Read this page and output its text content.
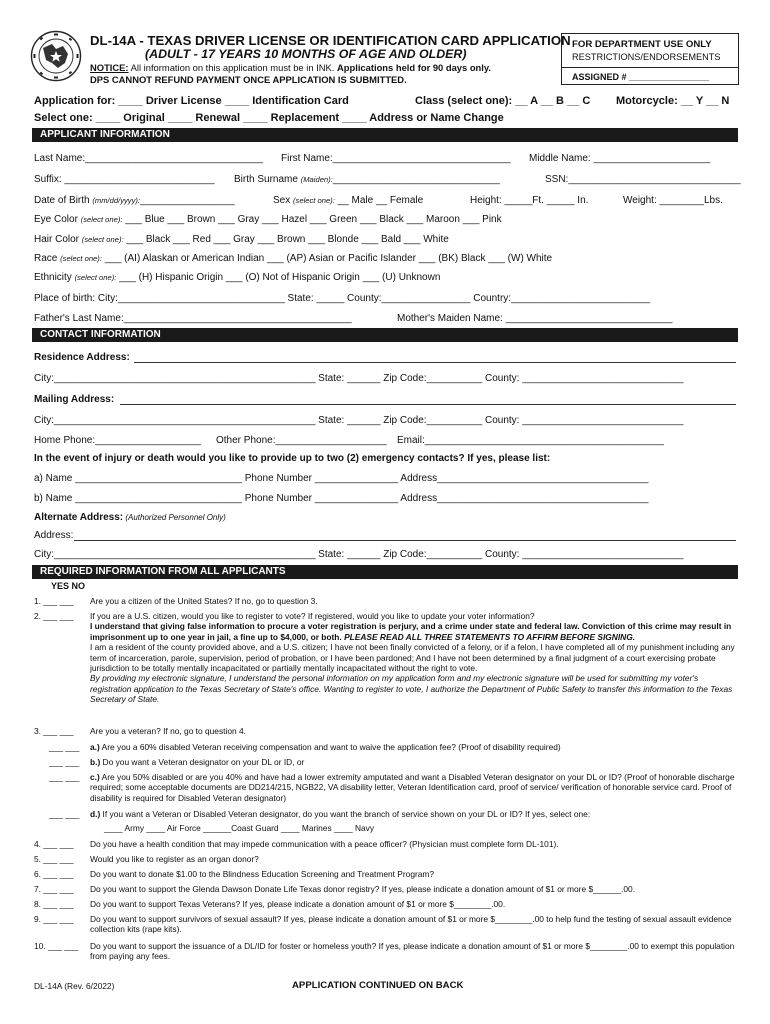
DL-14A - TEXAS DRIVER LICENSE OR IDENTIFICATION CARD APPLICATION
(ADULT - 17 YEARS 10 MONTHS OF AGE AND OLDER)
NOTICE: All information on this application must be in INK. Applications held for 90 days only.
DPS CANNOT REFUND PAYMENT ONCE APPLICATION IS SUBMITTED.
FOR DEPARTMENT USE ONLY
RESTRICTIONS/ENDORSEMENTS
ASSIGNED # ________________
Application for: ____ Driver License ____ Identification Card	Class (select one): __ A __ B __ C Motorcycle: __ Y __ N
Select one: ____ Original ____ Renewal ____ Replacement ____ Address or Name Change
APPLICANT INFORMATION
Last Name:________________________________ First Name:________________________________ Middle Name: _____________________
Suffix: ___________________________ Birth Surname (Maiden):______________________________	SSN:_______________________________
Date of Birth (mm/dd/yyyy):_________________	Sex (select one): __ Male __ Female	Height: _____Ft. _____ In.	Weight: ________Lbs.
Eye Color (select one): ___ Blue ___ Brown ___ Gray ___ Hazel ___ Green ___ Black ___ Maroon ___ Pink
Hair Color (select one): ___ Black ___ Red ___ Gray ___ Brown ___ Blonde ___ Bald ___ White
Race (select one): ___ (AI) Alaskan or American Indian ___ (AP) Asian or Pacific Islander ___ (BK) Black ___ (W) White
Ethnicity (select one): ___ (H) Hispanic Origin ___ (O) Not of Hispanic Origin ___ (U) Unknown
Place of birth: City:______________________________ State: _____ County:________________ Country:_________________________
Father's Last Name:_________________________________________	Mother's Maiden Name: ______________________________
CONTACT INFORMATION
Residence Address:
City:_______________________________________________ State: ______ Zip Code:__________ County: _____________________________
Mailing Address:
City:_______________________________________________ State: ______ Zip Code:__________ County: _____________________________
Home Phone:___________________ Other Phone:____________________ Email:___________________________________________
In the event of injury or death would you like to provide up to two (2) emergency contacts? If yes, please list:
a) Name ______________________________ Phone Number _______________ Address______________________________________
b) Name ______________________________ Phone Number _______________ Address______________________________________
Alternate Address: (Authorized Personnel Only)
Address:
City:_______________________________________________ State: ______ Zip Code:__________ County: _____________________________
REQUIRED INFORMATION FROM ALL APPLICANTS
YES NO
1. ___ ___ Are you a citizen of the United States? If no, go to question 3.
2. ___ ___ If you are a U.S. citizen, would you like to register to vote? If registered, would you like to update your voter information?
I understand that giving false information to procure a voter registration is perjury, and a crime under state and federal law. Conviction of this crime may result in imprisonment up to one year in jail, a fine up to $4,000, or both. PLEASE READ ALL THREE STATEMENTS TO AFFIRM BEFORE SIGNING.
I am a resident of the county provided above, and a U.S. citizen; I have not been finally convicted of a felony, or if a felon, I have completed all of my punishment including any term of incarceration, parole, supervision, period of probation, or I have been pardoned; And I have not been determined by a final judgment of a court exercising probate jurisdiction to be totally mentally incapacitated or partially mentally incapacitated without the right to vote.
By providing my electronic signature, I understand the personal information on my application form and my electronic signature will be used for submitting my voter's registration application to the Texas Secretary of State's office. Wanting to register to vote, I authorize the Department of Public Safety to transfer this information to the Texas Secretary of State.
3. ___ ___ Are you a veteran? If no, go to question 4.
___ ___ a.) Are you a 60% disabled Veteran receiving compensation and want to waive the application fee? (Proof of disability required)
___ ___ b.) Do you want a Veteran designator on your DL or ID, or
___ ___ c.) Are you 50% disabled or are you 40% and have had a lower extremity amputated and want a Disabled Veteran designator on your DL or ID? (Proof of honorable discharge required; some acceptable documents are DD214/215, NGB22, VA disability letter, Veteran Identification card, proof of service/ verification of honorable service card. Proof of disability is required for Disabled Veteran designator)
___ ___ d.) If you want a Veteran or Disabled Veteran designator, do you want the branch of service shown on your DL or ID? If yes, select one:
____ Army ____ Air Force ______Coast Guard ____ Marines ____ Navy
4. ___ ___ Do you have a health condition that may impede communication with a peace officer? (Physician must complete form DL-101).
5. ___ ___ Would you like to register as an organ donor?
6. ___ ___ Do you want to donate $1.00 to the Blindness Education Screening and Treatment Program?
7. ___ ___ Do you want to support the Glenda Dawson Donate Life Texas donor registry? If yes, please indicate a donation amount of $1 or more $______.00.
8. ___ ___ Do you want to support Texas Veterans? If yes, please indicate a donation amount of $1 or more $________.00.
9. ___ ___ Do you want to support survivors of sexual assault? If yes, please indicate a donation amount of $1 or more $________.00 to help fund the testing of sexual assault evidence collection kits (rape kits).
10. ___ ___ Do you want to support the issuance of a DL/ID for foster or homeless youth? If yes, please indicate a donation amount of $1 or more $________.00 to exempt this population from paying any fees.
DL-14A (Rev. 6/2022)	APPLICATION CONTINUED ON BACK
